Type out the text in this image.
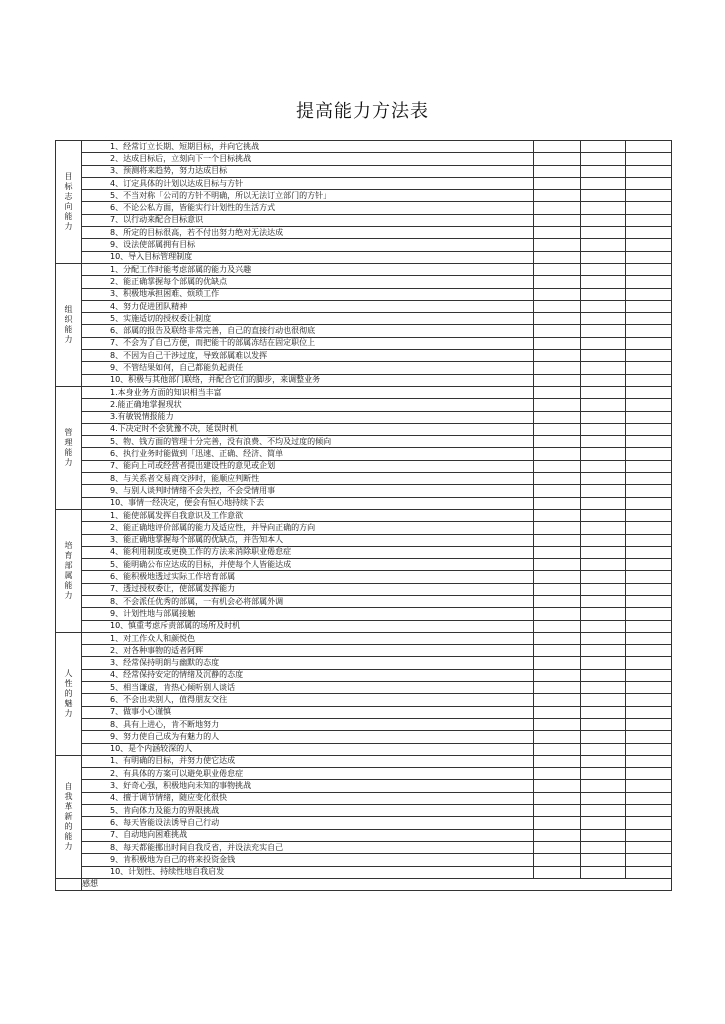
提高能力方法表
目标志向能力	1、经常订立长期、短期目标，并向它挑战			
	2、达成目标后，立刻向下一个目标挑战			
	3、预测将来趋势，努力达成目标			
	4、订定具体的计划以达成目标与方针			
	5、不当对称「公司的方针不明确，所以无法订立部门的方针」			
	6、不论公私方面，皆能实行计划性的生活方式			
	7、以行动来配合目标意识			
	8、所定的目标很高，若不付出努力绝对无法达成			
	9、设法使部属拥有目标			
	10、导入目标管理制度			

组织能力	1、分配工作时能考虑部属的能力及兴趣			
	2、能正确掌握每个部属的优缺点			
	3、积极地承担困难、烦琐工作			
	4、努力促进团队精神			
	5、实施适切的授权委让制度			
	6、部属的报告及联络非常完善，自己的直接行动也很彻底			
	7、不会为了自己方便，而把能干的部属冻结在固定职位上			
	8、不因为自己干涉过度，导致部属难以发挥			
	9、不管结果如何，自己都能负起责任			
	10、积极与其他部门联络，并配合它们的脚步，来调整业务			

管理能力	1.本身业务方面的知识相当丰富			
	2.能正确地掌握现状			
	3.有敏锐情报能力			
	4.下决定时不会犹豫不决，延误时机			
	5、物、钱方面的管理十分完善，没有浪费、不均及过度的倾向			
	6、执行业务时能做到「迅速、正确、经济、简单			
	7、能向上司或经营者提出建设性的意见或企划			
	8、与关系者交易商交涉时，能顺应判断性			
	9、与别人谈判时情绪不会失控，不会受情用事			
	10、事情一经决定，便会有恒心地持续下去			

培育部属能力	1、能使部属发挥自我意识及工作意欲			
	2、能正确地评价部属的能力及适应性，并导向正确的方向			
	3、能正确地掌握每个部属的优缺点，并告知本人			
	4、能利用制度或更换工作的方法来消除职业倦怠症			
	5、能明确公布应达成的目标，并使每个人皆能达成			
	6、能积极地透过实际工作培育部属			
	7、透过授权委让，使部属发挥能力			
	8、不会派任优秀的部属，一有机会必将部属外调			
	9、计划性地与部属接触			
	10、慎重考虑斥责部属的场所及时机			

人性的魅力	1、对工作众人和颜悦色			
	2、对各种事物的适者阿辉			
	3、经常保持明朗与幽默的态度			
	4、经常保持安定的情绪及沉静的态度			
	5、相当谦虚，肯热心倾听别人谈话			
	6、不会出卖别人，值得朋友交往			
	7、做事小心谨慎			
	8、具有上进心，肯不断地努力			
	9、努力使自己成为有魅力的人			
	10、是个内涵较深的人			

自我革新的能力	1、有明确的目标，并努力使它达成			
	2、有具体的方案可以避免职业倦怠症			
	3、好奇心强，积极地向未知的事物挑战			
	4、擅于调节情绪，随应变化很快			
	5、肯向体力及能力的界限挑战			
	6、每天皆能设法诱导自己行动			
	7、自动地向困难挑战			
	8、每天都能挪出时间自我反省，并设法充实自己			
	9、肯积极地为自己的将来投资金钱			
	10、计划性、持续性地自我启发			
	感想			
